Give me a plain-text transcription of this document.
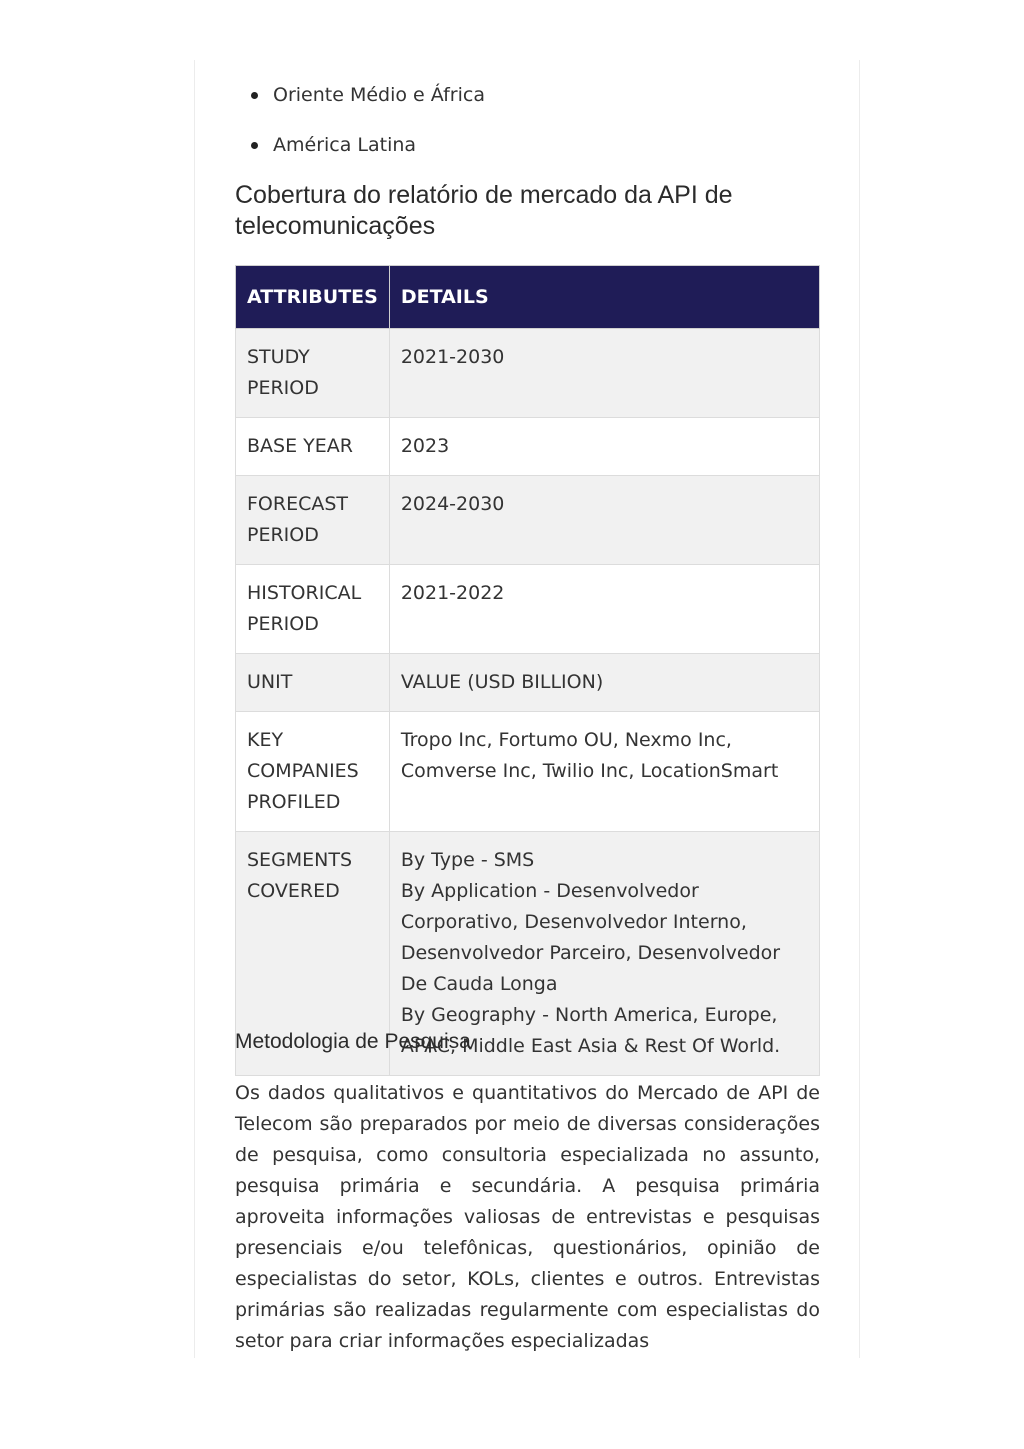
Oriente Médio e África
América Latina
Cobertura do relatório de mercado da API de telecomunicações
ATTRIBUTES	DETAILS
STUDY PERIOD	2021-2030

BASE YEAR	2023

FORECAST PERIOD	2024-2030

HISTORICAL PERIOD	2021-2022

UNIT	VALUE (USD BILLION)

KEY COMPANIES PROFILED	Tropo Inc, Fortumo OU, Nexmo Inc, Comverse Inc, Twilio Inc, LocationSmart

SEGMENTS COVERED	By Type - SMS
By Application - Desenvolvedor Corporativo, Desenvolvedor Interno, Desenvolvedor Parceiro, Desenvolvedor De Cauda Longa
By Geography - North America, Europe, APAC, Middle East Asia & Rest Of World.
Metodologia de Pesquisa

Os dados qualitativos e quantitativos do Mercado de API de Telecom são preparados por meio de diversas considerações de pesquisa, como consultoria especializada no assunto, pesquisa primária e secundária. A pesquisa primária aproveita informações valiosas de entrevistas e pesquisas presenciais e/ou telefônicas, questionários, opinião de especialistas do setor, KOLs, clientes e outros. Entrevistas primárias são realizadas regularmente com especialistas do setor para criar informações especializadas
